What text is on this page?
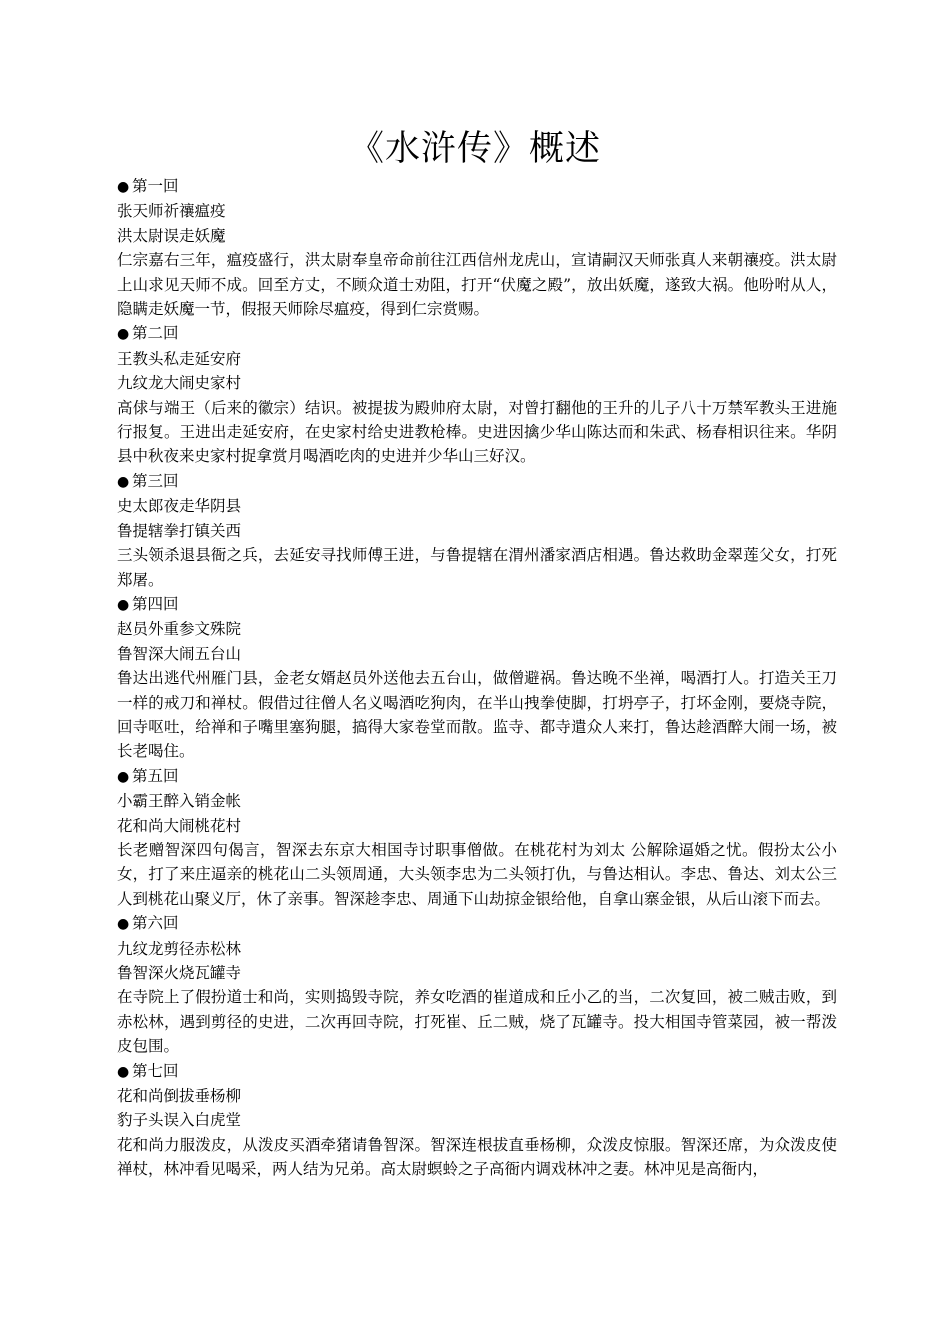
《水浒传》概述
● 第一回
张天师祈禳瘟疫
洪太尉误走妖魔
仁宗嘉右三年，瘟疫盛行，洪太尉奉皇帝命前往江西信州龙虎山，宣请嗣汉天师张真人来朝禳疫。洪太尉上山求见天师不成。回至方丈，不顾众道士劝阻，打开“伏魔之殿”，放出妖魔，遂致大祸。他吩咐从人，隐瞒走妖魔一节，假报天师除尽瘟疫，得到仁宗赏赐。
● 第二回
王教头私走延安府
九纹龙大闹史家村
高俅与端王（后来的徽宗）结识。被提拔为殿帅府太尉，对曾打翻他的王升的儿子八十万禁军教头王进施行报复。王进出走延安府，在史家村给史进教枪棒。史进因擒少华山陈达而和朱武、杨春相识往来。华阴县中秋夜来史家村捉拿赏月喝酒吃肉的史进并少华山三好汉。
● 第三回
史太郎夜走华阴县
鲁提辖拳打镇关西
三头领杀退县衙之兵，去延安寻找师傅王进，与鲁提辖在渭州潘家酒店相遇。鲁达救助金翠莲父女，打死郑屠。
● 第四回
赵员外重参文殊院
鲁智深大闹五台山
鲁达出逃代州雁门县，金老女婿赵员外送他去五台山，做僧避祸。鲁达晚不坐禅，喝酒打人。打造关王刀一样的戒刀和禅杖。假借过往僧人名义喝酒吃狗肉，在半山拽拳使脚，打坍亭子，打坏金刚，要烧寺院，回寺呕吐，给禅和子嘴里塞狗腿，搞得大家卷堂而散。监寺、都寺遣众人来打，鲁达趁酒醉大闹一场，被长老喝住。
● 第五回
小霸王醉入销金帐
花和尚大闹桃花村
长老赠智深四句偈言，智深去东京大相国寺讨职事僧做。在桃花村为刘太 公解除逼婚之忧。假扮太公小女，打了来庄逼亲的桃花山二头领周通，大头领李忠为二头领打仇，与鲁达相认。李忠、鲁达、刘太公三人到桃花山聚义厅，休了亲事。智深趁李忠、周通下山劫掠金银给他，自拿山寨金银，从后山滚下而去。
● 第六回
九纹龙剪径赤松林
鲁智深火烧瓦罐寺
在寺院上了假扮道士和尚，实则捣毁寺院，养女吃酒的崔道成和丘小乙的当，二次复回，被二贼击败，到赤松林，遇到剪径的史进，二次再回寺院，打死崔、丘二贼，烧了瓦罐寺。投大相国寺管菜园，被一帮泼皮包围。
● 第七回
花和尚倒拔垂杨柳
豹子头误入白虎堂
花和尚力服泼皮，从泼皮买酒牵猪请鲁智深。智深连根拔直垂杨柳，众泼皮惊服。智深还席，为众泼皮使禅杖，林冲看见喝采，两人结为兄弟。高太尉螟蛉之子高衙内调戏林冲之妻。林冲见是高衙内，
